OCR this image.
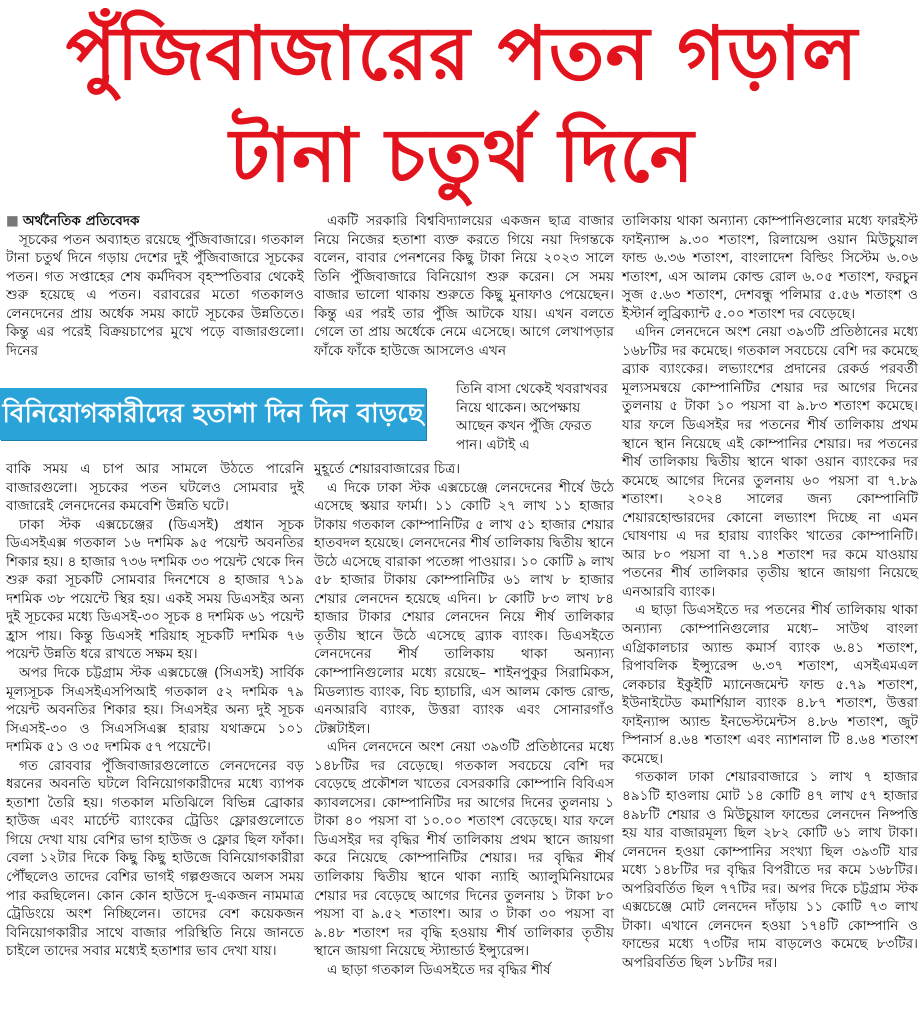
পুঁজিবাজারের পতন গড়াল
টানা চতুর্থ দিনে

■ অর্থনৈতিক প্রতিবেদক

সূচকের পতন অব্যাহত রয়েছে পুঁজিবাজারে। গতকাল টানা চতুর্থ দিনে গড়ায় দেশের দুই পুঁজিবাজারে সূচকের পতন। গত সপ্তাহের শেষ কর্মদিবস বৃহস্পতিবার থেকেই শুরু হয়েছে এ পতন। বরাবরের মতো গতকালও লেনদেনের প্রায় অর্ধেক সময় কাটে সূচকের উন্নতিতে। কিন্তু এর পরেই বিক্রয়চাপের মুখে পড়ে বাজারগুলো। দিনের

বিনিয়োগকারীদের হতাশা দিন দিন বাড়ছে

বাকি সময় এ চাপ আর সামলে উঠতে পারেনি বাজারগুলো। সূচকের পতন ঘটলেও সোমবার দুই বাজারেই লেনদেনের কমবেশি উন্নতি ঘটে।

ঢাকা স্টক এক্সচেঞ্জের (ডিএসই) প্রধান সূচক ডিএসইএক্স গতকাল ১৬ দশমিক ৯৫ পয়েন্ট অবনতির শিকার হয়। ৪ হাজার ৭৩৬ দশমিক ৩৩ পয়েন্ট থেকে দিন শুরু করা সূচকটি সোমবার দিনশেষে ৪ হাজার ৭১৯ দশমিক ৩৮ পয়েন্টে স্থির হয়। একই সময় ডিএসইর অন্য দুই সূচকের মধ্যে ডিএসই-৩০ সূচক ৪ দশমিক ৬১ পয়েন্ট হ্রাস পায়। কিন্তু ডিএসই শরিয়াহ সূচকটি দশমিক ৭৬ পয়েন্ট উন্নতি ধরে রাখতে সক্ষম হয়।

অপর দিকে চট্টগ্রাম স্টক এক্সচেঞ্জে (সিএসই) সার্বিক মূল্যসূচক সিএসইএসপিআই গতকাল ৫২ দশমিক ৭৯ পয়েন্ট অবনতির শিকার হয়। সিএসইর অন্য দুই সূচক সিএসই-৩০ ও সিএসসিএক্স হারায় যথাক্রমে ১০১ দশমিক ৫১ ও ৩৫ দশমিক ৫৭ পয়েন্টে।

গত রোববার পুঁজিবাজারগুলোতে লেনদেনের বড় ধরনের অবনতি ঘটলে বিনিয়োগকারীদের মধ্যে ব্যাপক হতাশা তৈরি হয়। গতকাল মতিঝিলে বিভিন্ন ব্রোকার হাউজ এবং মার্চেন্ট ব্যাংকের ট্রেডিং ফ্লোরগুলোতে গিয়ে দেখা যায় বেশির ভাগ হাউজ ও ফ্লোর ছিল ফাঁকা। বেলা ১২টার দিকে কিছু কিছু হাউজে বিনিয়োগকারীরা পৌঁছলেও তাদের বেশির ভাগই গল্পগুজবে অলস সময় পার করছিলেন। কোন কোন হাউসে দু-একজন নামমাত্র ট্রেডিংয়ে অংশ নিচ্ছিলেন। তাদের বেশ কয়েকজন বিনিয়োগকারীর সাথে বাজার পরিস্থিতি নিয়ে জানতে চাইলে তাদের সবার মধ্যেই হতাশার ভাব দেখা যায়।

একটি সরকারি বিশ্ববিদ্যালয়ের একজন ছাত্র বাজার নিয়ে নিজের হতাশা ব্যক্ত করতে গিয়ে নয়া দিগন্তকে বলেন, বাবার পেনশনের কিছু টাকা নিয়ে ২০২৩ সালে তিনি পুঁজিবাজারে বিনিয়োগ শুরু করেন। সে সময় বাজার ভালো থাকায় শুরুতে কিছু মুনাফাও পেয়েছেন। কিন্তু এর পরই তার পুঁজি আটকে যায়। এখন বলতে গেলে তা প্রায় অর্ধেকে নেমে এসেছে। আগে লেখাপড়ার ফাঁকে ফাঁকে হাউজে আসলেও এখন

তিনি বাসা থেকেই খবরাখবর নিয়ে থাকেন। অপেক্ষায় আছেন কখন পুঁজি ফেরত পান। এটাই এ

মুহূর্তে শেয়ারবাজারের চিত্র।

এ দিকে ঢাকা স্টক এক্সচেঞ্জে লেনদেনের শীর্ষে উঠে এসেছে স্কয়ার ফার্মা। ১১ কোটি ২৭ লাখ ১১ হাজার টাকায় গতকাল কোম্পানিটির ৫ লাখ ৫১ হাজার শেয়ার হাতবদল হয়েছে। লেনদেনের শীর্ষ তালিকায় দ্বিতীয় স্থানে উঠে এসেছে বারাকা পতেঙ্গা পাওয়ার। ১০ কোটি ৯ লাখ ৫৮ হাজার টাকায় কোম্পানিটির ৬১ লাখ ৮ হাজার শেয়ার লেনদেন হয়েছে এদিন। ৮ কোটি ৮৩ লাখ ৮৪ হাজার টাকার শেয়ার লেনদেন নিয়ে শীর্ষ তালিকার তৃতীয় স্থানে উঠে এসেছে ব্র্যাক ব্যাংক। ডিএসইতে লেনদেনের শীর্ষ তালিকায় থাকা অন্যান্য কোম্পানিগুলোর মধ্যে রয়েছে– শাইনপুকুর সিরামিকস, মিডল্যান্ড ব্যাংক, বিচ হ্যাচারি, এস আলম কোল্ড রোল্ড, এনআরবি ব্যাংক, উত্তরা ব্যাংক এবং সোনারগাঁও টেক্সটাইল।

এদিন লেনদেনে অংশ নেয়া ৩৯৩টি প্রতিষ্ঠানের মধ্যে ১৪৮টির দর বেড়েছে। গতকাল সবচেয়ে বেশি দর বেড়েছে প্রকৌশল খাতের বেসরকারি কোম্পানি বিবিএস ক্যাবলসের। কোম্পানিটির দর আগের দিনের তুলনায় ১ টাকা ৪০ পয়সা বা ১০.০০ শতাংশ বেড়েছে। যার ফলে ডিএসইর দর বৃদ্ধির শীর্ষ তালিকায় প্রথম স্থানে জায়গা করে নিয়েছে কোম্পানিটির শেয়ার। দর বৃদ্ধির শীর্ষ তালিকায় দ্বিতীয় স্থানে থাকা ন্যাহি অ্যালুমিনিয়ামের শেয়ার দর বেড়েছে আগের দিনের তুলনায় ১ টাকা ৮০ পয়সা বা ৯.৫২ শতাংশ। আর ৩ টাকা ৩০ পয়সা বা ৯.৪৮ শতাংশ দর বৃদ্ধি হওয়ায় শীর্ষ তালিকার তৃতীয় স্থানে জায়গা নিয়েছে স্ট্যান্ডার্ড ইন্স্যুরেন্স।

এ ছাড়া গতকাল ডিএসইতে দর বৃদ্ধির শীর্ষ

তালিকায় থাকা অন্যান্য কোম্পানিগুলোর মধ্যে ফারইস্ট ফাইন্যান্স ৯.৩০ শতাংশ, রিলায়েন্স ওয়ান মিউচুয়াল ফান্ড ৬.৩৬ শতাংশ, বাংলাদেশ বিল্ডিং সিস্টেম ৬.০৬ শতাংশ, এস আলম কোল্ড রোল ৬.০৫ শতাংশ, ফরচুন সুজ ৫.৬৩ শতাংশ, দেশবন্ধু পলিমার ৫.৫৬ শতাংশ ও ইস্টার্ন লুব্রিক্যান্ট ৫.০০ শতাংশ দর বেড়েছে।

এদিন লেনদেনে অংশ নেয়া ৩৯৩টি প্রতিষ্ঠানের মধ্যে ১৬৮টির দর কমেছে। গতকাল সবচেয়ে বেশি দর কমেছে ব্র্যাক ব্যাংকের। লভ্যাংশের প্রদানের রেকর্ড পরবর্তী মূল্যসমন্বয়ে কোম্পানিটির শেয়ার দর আগের দিনের তুলনায় ৫ টাকা ১০ পয়সা বা ৯.৮৩ শতাংশ কমেছে। যার ফলে ডিএসইর দর পতনের শীর্ষ তালিকায় প্রথম স্থানে স্থান নিয়েছে এই কোম্পানির শেয়ার। দর পতনের শীর্ষ তালিকায় দ্বিতীয় স্থানে থাকা ওয়ান ব্যাংকের দর কমেছে আগের দিনের তুলনায় ৬০ পয়সা বা ৭.৮৯ শতাংশ। ২০২৪ সালের জন্য কোম্পানিটি শেয়ারহোল্ডারদের কোনো লভ্যাংশ দিচ্ছে না এমন ঘোষণায় এ দর হারায় ব্যাংকিং খাতের কোম্পানিটি। আর ৮০ পয়সা বা ৭.১৪ শতাংশ দর কমে যাওয়ায় পতনের শীর্ষ তালিকার তৃতীয় স্থানে জায়গা নিয়েছে এনআরবি ব্যাংক।

এ ছাড়া ডিএসইতে দর পতনের শীর্ষ তালিকায় থাকা অন্যান্য কোম্পানিগুলোর মধ্যে– সাউথ বাংলা এগ্রিকালচার অ্যান্ড কমার্স ব্যাংক ৬.৪১ শতাংশ, রিপাবলিক ইন্স্যুরেন্স ৬.৩৭ শতাংশ, এসইএমএল লেকচার ইকুইটি ম্যানেজমেন্ট ফান্ড ৫.৭৯ শতাংশ, ইউনাইটেড কমার্শিয়াল ব্যাংক ৪.৮৭ শতাংশ, উত্তরা ফাইন্যান্স অ্যান্ড ইনভেস্টমেন্টস ৪.৮৬ শতাংশ, জুট স্পিনার্স ৪.৬৪ শতাংশ এবং ন্যাশনাল টি ৪.৬৪ শতাংশ কমেছে।

গতকাল ঢাকা শেয়ারবাজারে ১ লাখ ৭ হাজার ৪৯১টি হাওলায় মোট ১৪ কোটি ৪৭ লাখ ৫৭ হাজার ৪৯৮টি শেয়ার ও মিউচুয়াল ফান্ডের লেনদেন নিষ্পত্তি হয় যার বাজারমূল্য ছিল ২৮২ কোটি ৬১ লাখ টাকা। লেনদেন হওয়া কোম্পানির সংখ্যা ছিল ৩৯৩টি যার মধ্যে ১৪৮টির দর বৃদ্ধির বিপরীতে দর কমে ১৬৮টির। অপরিবর্তিত ছিল ৭৭টির দর। অপর দিকে চট্টগ্রাম স্টক এক্সচেঞ্জে মোট লেনদেন দাঁড়ায় ১১ কোটি ৭৩ লাখ টাকা। এখানে লেনদেন হওয়া ১৭৪টি কোম্পানি ও ফান্ডের মধ্যে ৭৩টির দাম বাড়লেও কমেছে ৮৩টির। অপরিবর্তিত ছিল ১৮টির দর।
